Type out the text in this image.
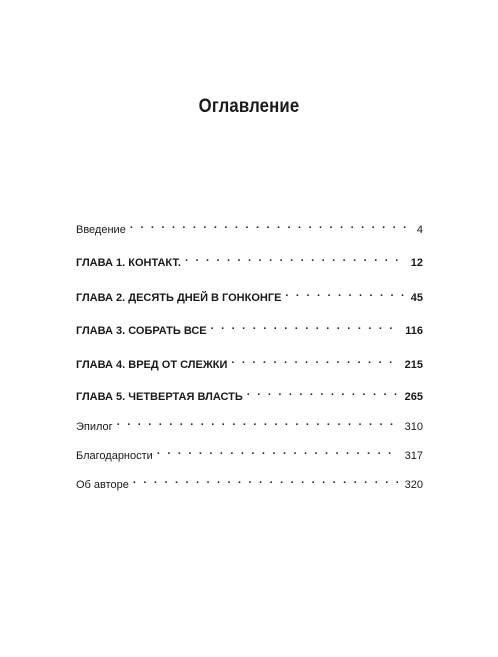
Оглавление
Введение . . .	4
ГЛАВА 1. КОНТАКТ. . . .	12
ГЛАВА 2. ДЕСЯТЬ ДНЕЙ В ГОНКОНГЕ . . .	45
ГЛАВА 3. СОБРАТЬ ВСЕ . . .	116
ГЛАВА 4. ВРЕД ОТ СЛЕЖКИ . . .	215
ГЛАВА 5. ЧЕТВЕРТАЯ ВЛАСТЬ . . .	265
Эпилог . . .	310
Благодарности . . .	317
Об авторе . . .	320
